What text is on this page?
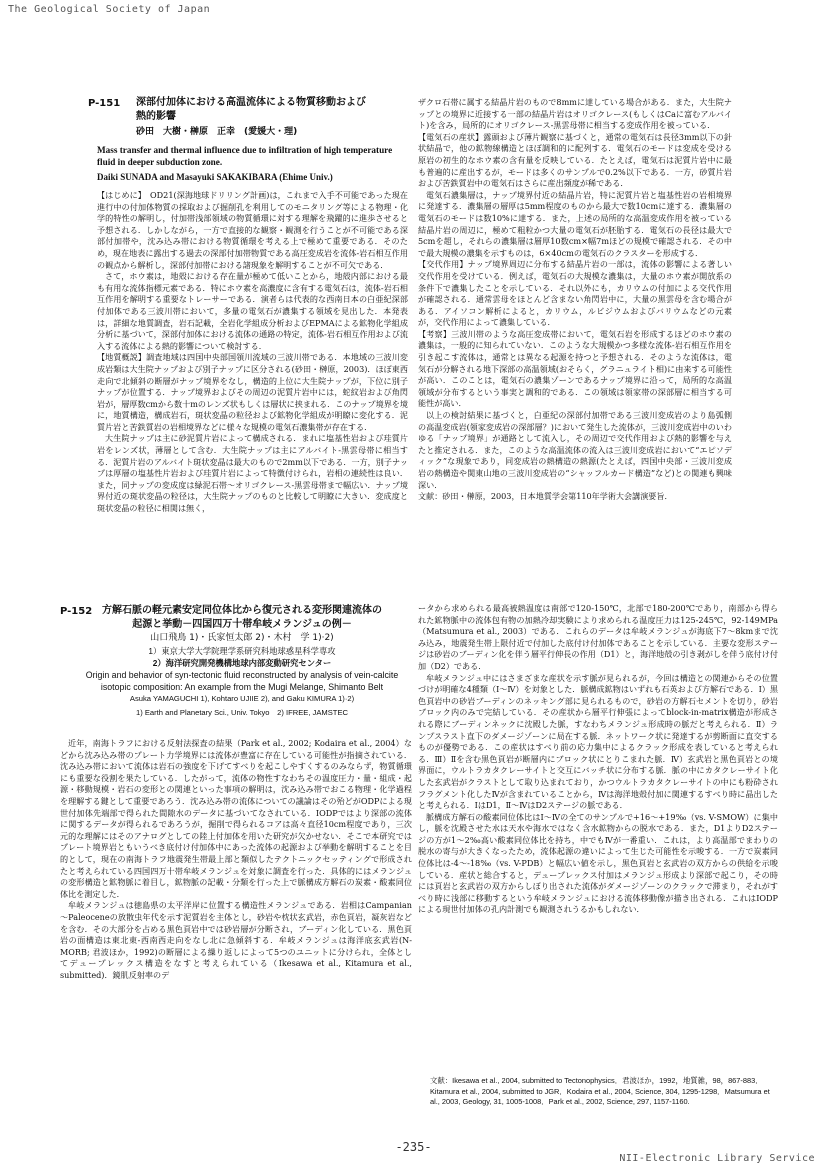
The Geological Society of Japan
P-151 深部付加体における高温流体による物質移動および
熱的影響
砂田　大樹・榊原　正幸　(愛媛大・理)
Mass transfer and thermal influence due to infiltration of high temperature fluid in deeper subduction zone.
Daiki SUNADA and Masayuki SAKAKIBARA (Ehime Univ.)

【はじめに】　OD21(深海地球ドリリング計画)は，これまで入手不可能であった現在進行中の付加体物質の採取および掘削孔を利用してのモニタリング等による物理・化学的特性の解明し，付加帯浅部領域の物質循環に対する理解を飛躍的に進歩させると予想される．しかしながら，一方で直接的な観察・観測を行うことが不可能である深部付加帯や，沈み込み帯における物質循環を考える上で極めて重要である．そのため，現在地表に露出する過去の深部付加帯物質である高圧変成岩を流体-岩石相互作用の観点から解析し，深部付加帯における諸現象を解明することが不可欠である．

さて，ホウ素は，地殻における存在量が極めて低いことから，地殻内部における最も有用な流体指標元素である．特にホウ素を高濃度に含有する電気石は，流体-岩石相互作用を解明する重要なトレーサーである．演者らは代表的な西南日本の白亜紀深部付加体である三波川帯において，多量の電気石が濃集する領域を見出した．本発表は，詳細な地質調査，岩石記載，全岩化学組成分析およびEPMAによる鉱物化学組成分析に基づいて，深部付加体における流体の通路の特定，流体-岩石相互作用および流入する流体による熱的影響について検討する．

【地質概説】調査地域は四国中央部国領川流域の三波川帯である．本地域の三波川変成岩類は大生院ナップおよび別子ナップに区分される(砂田・榊原，2003)．ほぼ東西走向で北傾斜の断層がナップ境界をなし，構造的上位に大生院ナップが，下位に別子ナップが位置する．ナップ境界およびその周辺の泥質片岩中には，蛇紋岩および角閃岩が，層厚数cmから数十mのレンズ状もしくは層状に挟まれる．このナップ境界を境に，地質構造，構成岩石，斑状変晶の粒径および鉱物化学組成が明瞭に変化する．泥質片岩と苦鉄質岩の岩相境界などに様々な規模の電気石濃集帯が存在する．

大生院ナップは主に砂泥質片岩によって構成される．まれに塩基性岩および珪質片岩をレンズ状，薄層として含む．大生院ナップは主にアルバイト-黒雲母帯に相当する．泥質片岩のアルバイト斑状変晶は最大のもので2mm以下である．一方，別子ナップは厚層の塩基性片岩および珪質片岩によって特徴付けられ，岩相の連続性は良い．また，同ナップの変成度は緑泥石帯～オリゴクレース-黒雲母帯まで幅広い．ナップ境界付近の斑状変晶の粒径は，大生院ナップのものと比較して明瞭に大きい．変成度と斑状変晶の粒径に相関は無く，

ザクロ石帯に属する結晶片岩のもので8mmに達している場合がある．また，大生院ナップとの境界に近接する一部の結晶片岩はオリゴクレース(もしくはCaに富むアルバイト)を含み，局所的にオリゴクレース-黒雲母帯に相当する変成作用を被っている．

【電気石の産状】露頭および薄片観察に基づくと，通常の電気石は長径3mm以下の針状結晶で，他の鉱物線構造とほぼ調和的に配列する．電気石のモードは変成を受ける原岩の初生的なホウ素の含有量を反映している．たとえば，電気石は泥質片岩中に最も普遍的に産出するが，モードは多くのサンプルで0.2%以下である．一方，砂質片岩および苦鉄質岩中の電気石はさらに産出頻度が稀である．

電気石濃集層は，ナップ境界付近の結晶片岩，特に泥質片岩と塩基性岩の岩相境界に発達する．濃集層の層厚は5mm程度のものから最大で数10cmに達する．濃集層の電気石のモードは数10%に達する．また，上述の局所的な高温変成作用を被っている結晶片岩の周辺に，極めて粗粒かつ大量の電気石が胚胎する．電気石の長径は最大で5cmを超し，それらの濃集層は層厚10数cm×幅7mほどの規模で確認される．その中で最大規模の濃集を示すものは，6×40cmの電気石のクラスターを形成する．

【交代作用】ナップ境界周辺に分布する結晶片岩の一部は，流体の影響による著しい交代作用を受けている．例えば，電気石の大規模な濃集は，大量のホウ素が開放系の条件下で濃集したことを示している．それ以外にも，カリウムの付加による交代作用が確認される．通常雲母をほとんど含まない角閃岩中に，大量の黒雲母を含む場合がある．アイソコン解析によると，カリウム，ルビジウムおよびバリウムなどの元素が，交代作用によって濃集している．

【考察】三波川帯のような高圧変成帯において，電気石岩を形成するほどのホウ素の濃集は，一般的に知られていない．このような大規模かつ多様な流体-岩石相互作用を引き起こす流体は，通常とは異なる起源を持つと予想される．そのような流体は，電気石が分解される地下深部の高温領域(おそらく，グラニュライト相)に由来する可能性が高い．このことは，電気石の濃集ゾーンであるナップ境界に沿って，局所的な高温領域が分布するという事実と調和的である．この領域は領家帯の深部層に相当する可能性が高い．

以上の検討結果に基づくと，白亜紀の深部付加帯である三波川変成岩のより島弧側の高温変成岩(領家変成岩の深部層？)において発生した流体が，三波川変成岩中のいわゆる「ナップ境界」が通路として流入し，その周辺で交代作用および熱的影響を与えたと推定される．また，このような高温流体の流入は三波川変成岩において“エピソディック”な現象であり，同変成岩の熱構造の熱源(たとえば，四国中央部・三波川変成岩の熱構造や関東山地の三波川変成岩の“シャッフルカード構造”など)との関連も興味深い．

文献：砂田・榊原，2003，日本地質学会第110年学術大会講演要旨．

P-152 方解石脈の軽元素安定同位体比から復元される変形関連流体の
起源と挙動－四国四万十帯牟岐メランジュの例－
山口飛鳥 1)・氏家恒太郎 2)・木村　学 1)·2)
1）東京大学大学院理学系研究科地球惑星科学専攻
2）海洋研究開発機構地球内部変動研究センター
Origin and behavior of syn-tectonic fluid reconstructed by analysis of vein-calcite
isotopic composition: An example from the Mugi Melange, Shimanto Belt
Asuka YAMAGUCHI 1), Kohtaro UJIIE 2), and Gaku KIMURA 1)·2)
1) Earth and Planetary Sci., Univ. Tokyo　2) IFREE, JAMSTEC

近年，南海トラフにおける反射法探査の結果（Park et al., 2002; Kodaira et al., 2004）などから沈み込み帯のプレート力学境界には流体が豊富に存在している可能性が指摘されている．沈み込み帯において流体は岩石の強度を下げてすべりを起こしやすくするのみならず，物質循環にも重要な役割を果たしている．したがって，流体の物性すなわちその温度圧力・量・組成・起源・移動規模・岩石の変形との関連といった事項の解明は，沈み込み帯でおこる物理・化学過程を理解する鍵として重要であろう．沈み込み帯の流体についての議論はその殆どがODPによる現世付加体先端部で得られた間隙水のデータに基づいてなされている．IODPではより深部の流体に関するデータが得られるであろうが，掘削で得られるコアは高々直径10cm程度であり，三次元的な理解にはそのアナログとしての陸上付加体を用いた研究が欠かせない．そこで本研究ではプレート境界岩ともいうべき底付け付加体中にあった流体の起源および挙動を解明することを目的として，現在の南海トラフ地震発生帯最上部と類似したテクトニックセッティングで形成されたと考えられている四国四万十帯牟岐メランジュを対象に調査を行った．具体的にはメランジュの変形構造と鉱物脈に着目し，鉱物脈の記載・分類を行った上で脈構成方解石の炭素・酸素同位体比を測定した．

牟岐メランジュは徳島県の太平洋岸に位置する構造性メランジュである．岩相はCampanian～Paleoceneの放散虫年代を示す泥質岩を主体とし，砂岩や枕状玄武岩，赤色頁岩，凝灰岩などを含む．その大部分を占める黒色頁岩中では砂岩層が分断され，ブーディン化している．黒色頁岩の面構造は東北東-西南西走向をなし北に急傾斜する．牟岐メランジュは海洋底玄武岩(N-MORB; 君波ほか，1992)の断層による繰り返しによって5つのユニットに分けられ，全体としてデュープレックス構造をなすと考えられている（Ikesawa et al., Kitamura et al., submitted)．鏡肌反射率のデ

ータから求められる最高被熱温度は南部で120-150℃，北部で180-200℃であり，南部から得られた鉱物脈中の流体包有物の加熱冷却実験により求められる温度圧力は125-245℃，92-149MPa（Matsumura et al., 2003）である．これらのデータは牟岐メランジュが海底下7～8kmまで沈み込み，地震発生帯上限付近で付加した底付け付加体であることを示している．主要な変形ステージは砂岩のブーディン化を伴う層平行伸長の作用（D1）と，海洋地殻の引き剥がしを伴う底付け付加（D2）である．

牟岐メランジュ中にはさまざまな産状を示す脈が見られるが，今回は構造との関連からその位置づけが明確な4種類（Ⅰ～Ⅳ）を対象とした．脈構成鉱物はいずれも石英および方解石である．Ⅰ）黒色頁岩中の砂岩ブーディンのネッキング部に見られるもので，砂岩の方解石セメントを切り，砂岩ブロック内のみで完結している．その産状から層平行伸張によってblock-in-matrix構造が形成される際にブーディンネックに沈殿した脈，すなわちメランジュ形成時の脈だと考えられる．Ⅱ）ランプスラスト直下のダメージゾーンに局在する脈．ネットワーク状に発達するが剪断面に直交するものが優勢である．この産状はすべり前の応力集中によるクラック形成を表していると考えられる．Ⅲ）Ⅱを含む黒色頁岩が断層内にブロック状にとりこまれた脈．Ⅳ）玄武岩と黒色頁岩との境界面に，ウルトラカタクレーサイトと交互にバッチ状に分布する脈．脈の中にカタクレーサイト化した玄武岩がクラストとして取り込まれており，かつウルトラカタクレーサイトの中にも粉砕されフラグメント化したⅣが含まれていることから，Ⅳは海洋地殻付加に関連するすべり時に晶出したと考えられる．ⅠはD1，Ⅱ～ⅣはD2ステージの脈である．

脈構成方解石の酸素同位体比はⅠ～Ⅳの全てのサンプルで+16～+19‰（vs. V-SMOW）に集中し，脈を沈殿させた水は天水や海水ではなく含水鉱物からの脱水である．また，D1よりD2ステージの方が1～2‰高い酸素同位体比を持ち，中でもⅣが一番重い．これは，より高温部でまわりの脱水の寄与が大きくなったため，流体起源の違いによって生じた可能性を示唆する．一方で炭素同位体比は-4～-18‰（vs. V-PDB）と幅広い値を示し，黒色頁岩と玄武岩の双方からの供給を示唆している．産状と総合すると，デュープレックス付加はメランジュ形成より深部で起こり，その時には頁岩と玄武岩の双方からしぼり出された流体がダメージゾーンのクラックで滞まり，それがすべり時に浅部に移動するという牟岐メランジュにおける流体移動像が描き出される．これはIODPによる現世付加体の孔内計測でも観測されうるかもしれない．

文献：Ikesawa et al., 2004, submitted to Tectonophysics．君波ほか，1992，地質雑，98，867-883．Kitamura et al., 2004, submitted to JGR．Kodaira et al., 2004, Science, 304, 1295-1298．Matsumura et al., 2003, Geology, 31, 1005-1008．Park et al., 2002, Science, 297, 1157-1160.
-235-
NII-Electronic Library Service
